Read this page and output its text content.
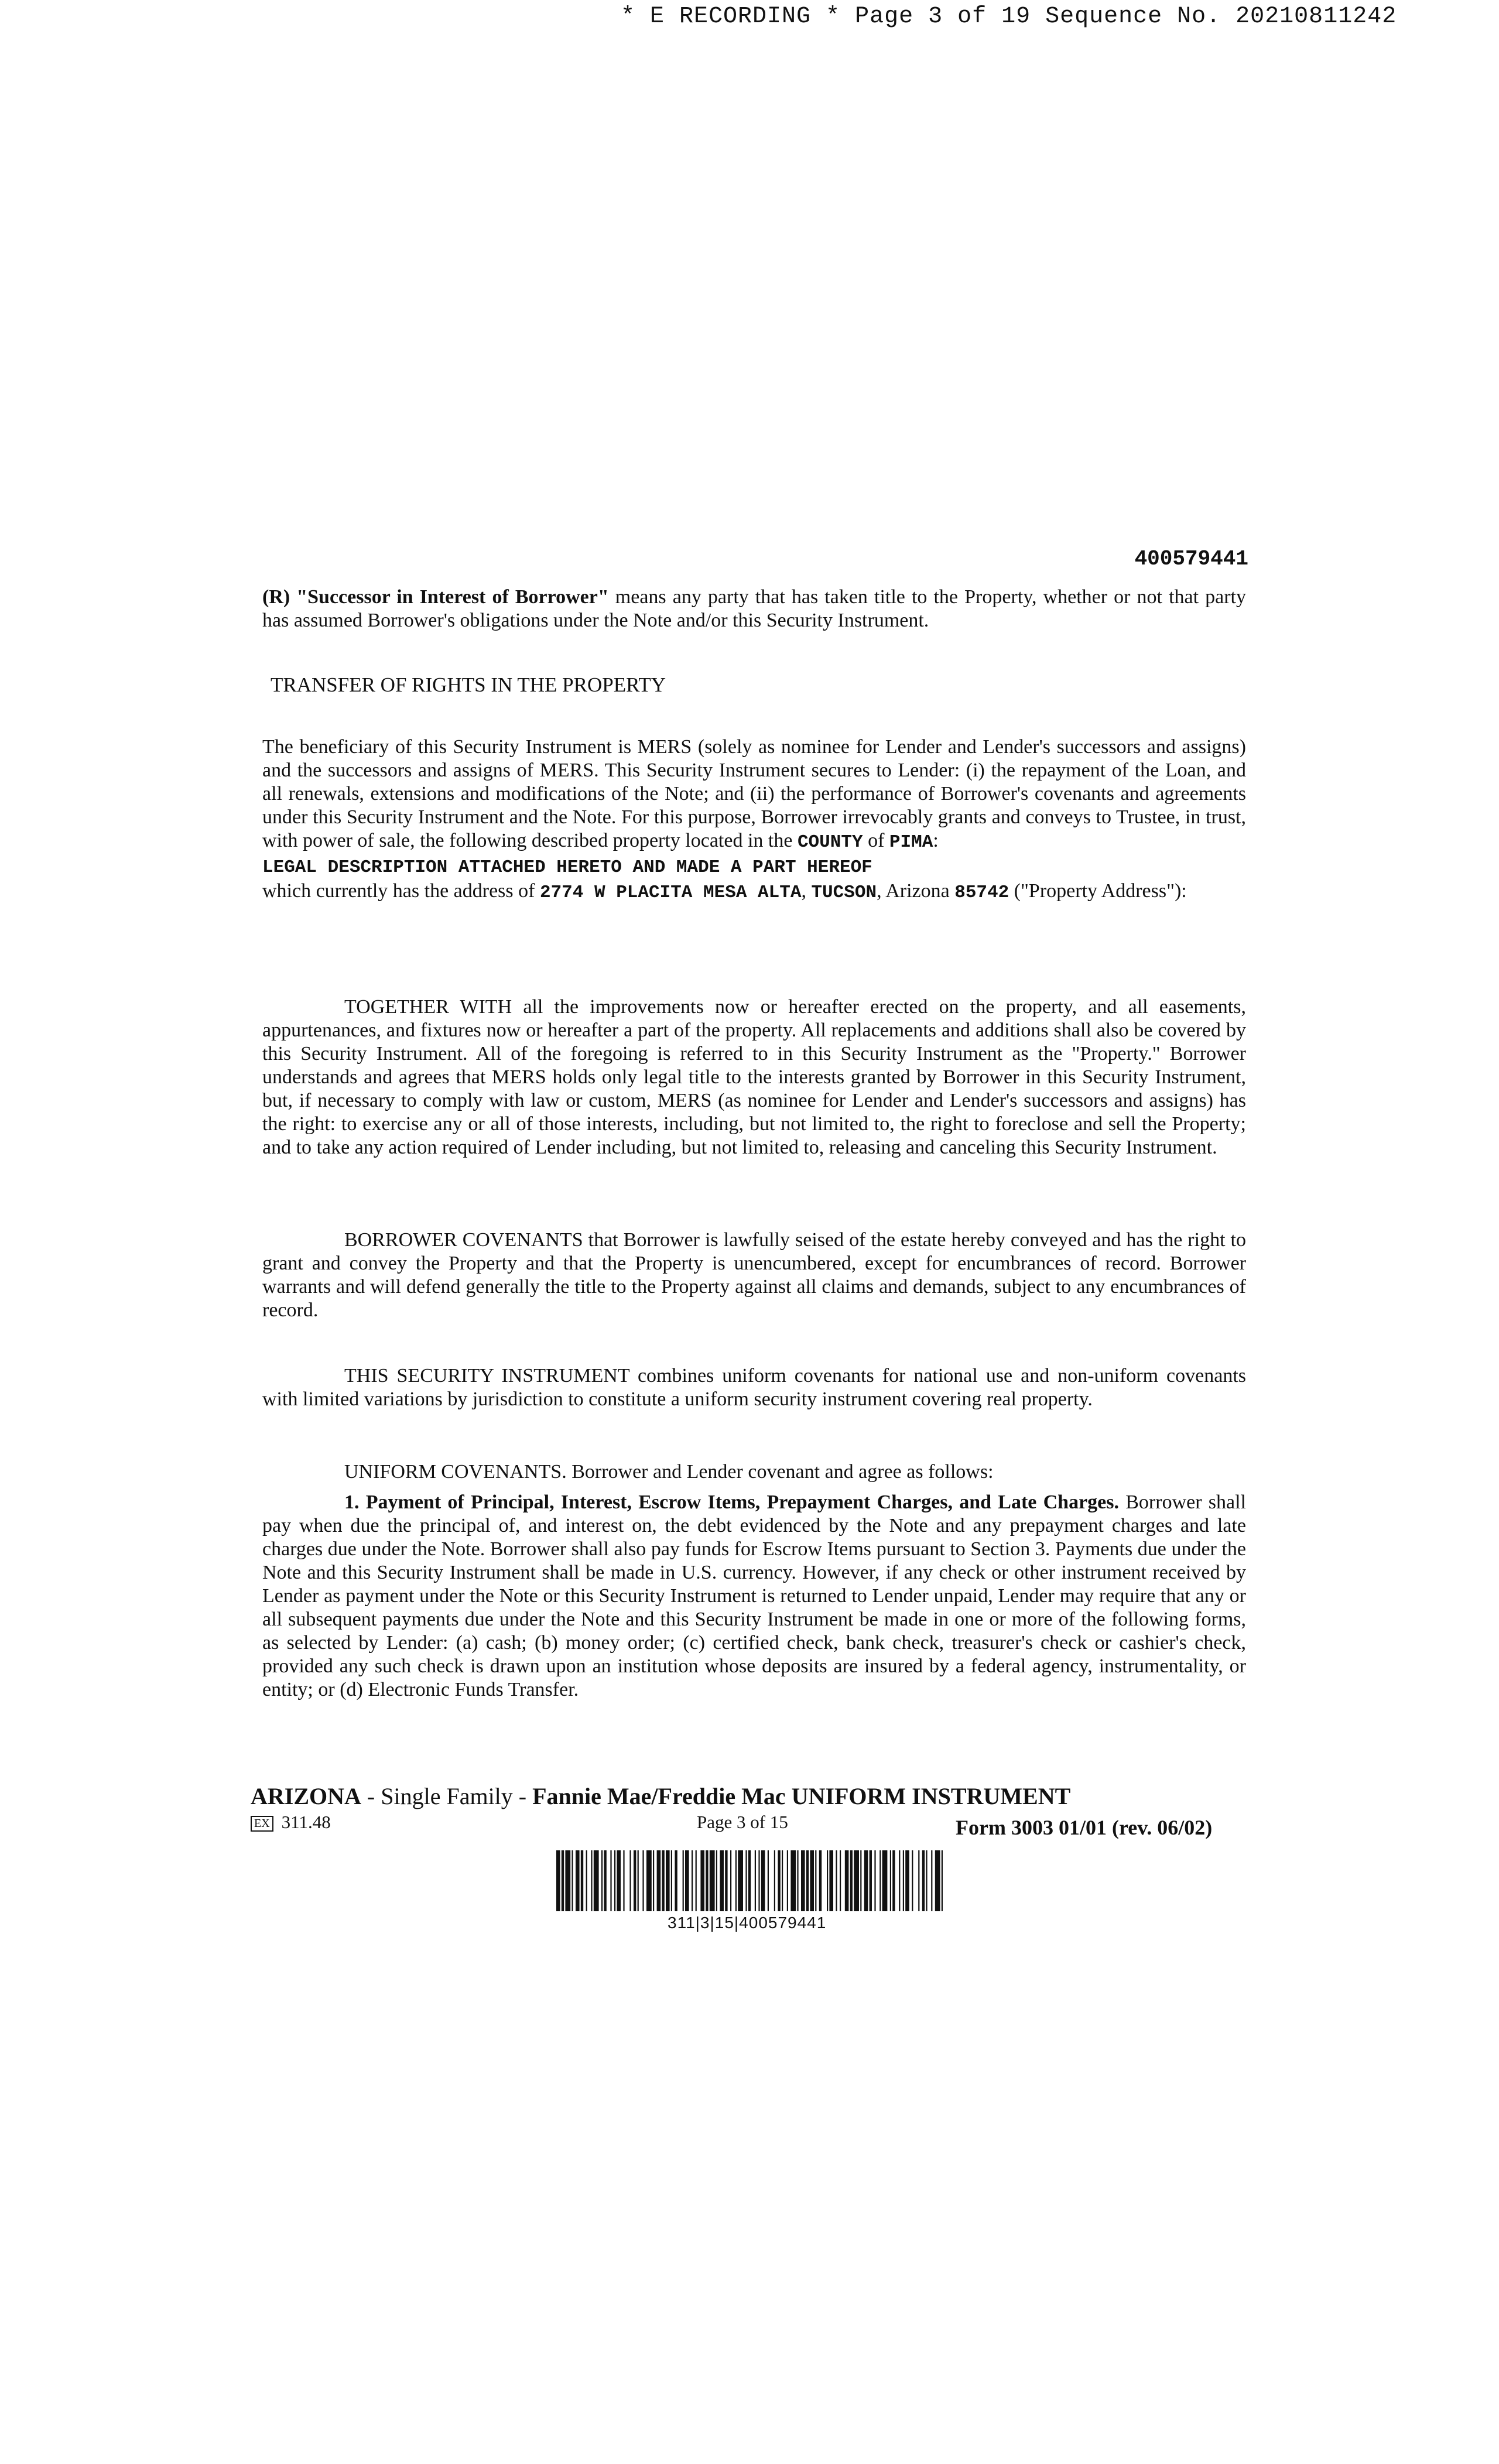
* E RECORDING * Page 3 of 19 Sequence No. 20210811242
400579441
(R) "Successor in Interest of Borrower" means any party that has taken title to the Property, whether or not that party has assumed Borrower's obligations under the Note and/or this Security Instrument.
TRANSFER OF RIGHTS IN THE PROPERTY
The beneficiary of this Security Instrument is MERS (solely as nominee for Lender and Lender's successors and assigns) and the successors and assigns of MERS. This Security Instrument secures to Lender: (i) the repayment of the Loan, and all renewals, extensions and modifications of the Note; and (ii) the performance of Borrower's covenants and agreements under this Security Instrument and the Note. For this purpose, Borrower irrevocably grants and conveys to Trustee, in trust, with power of sale, the following described property located in the COUNTY of PIMA:
LEGAL DESCRIPTION ATTACHED HERETO AND MADE A PART HEREOF
which currently has the address of 2774 W PLACITA MESA ALTA, TUCSON, Arizona 85742 ("Property Address"):
TOGETHER WITH all the improvements now or hereafter erected on the property, and all easements, appurtenances, and fixtures now or hereafter a part of the property. All replacements and additions shall also be covered by this Security Instrument. All of the foregoing is referred to in this Security Instrument as the "Property." Borrower understands and agrees that MERS holds only legal title to the interests granted by Borrower in this Security Instrument, but, if necessary to comply with law or custom, MERS (as nominee for Lender and Lender's successors and assigns) has the right: to exercise any or all of those interests, including, but not limited to, the right to foreclose and sell the Property; and to take any action required of Lender including, but not limited to, releasing and canceling this Security Instrument.
BORROWER COVENANTS that Borrower is lawfully seised of the estate hereby conveyed and has the right to grant and convey the Property and that the Property is unencumbered, except for encumbrances of record. Borrower warrants and will defend generally the title to the Property against all claims and demands, subject to any encumbrances of record.
THIS SECURITY INSTRUMENT combines uniform covenants for national use and non-uniform covenants with limited variations by jurisdiction to constitute a uniform security instrument covering real property.
UNIFORM COVENANTS. Borrower and Lender covenant and agree as follows:
1. Payment of Principal, Interest, Escrow Items, Prepayment Charges, and Late Charges. Borrower shall pay when due the principal of, and interest on, the debt evidenced by the Note and any prepayment charges and late charges due under the Note. Borrower shall also pay funds for Escrow Items pursuant to Section 3. Payments due under the Note and this Security Instrument shall be made in U.S. currency. However, if any check or other instrument received by Lender as payment under the Note or this Security Instrument is returned to Lender unpaid, Lender may require that any or all subsequent payments due under the Note and this Security Instrument be made in one or more of the following forms, as selected by Lender: (a) cash; (b) money order; (c) certified check, bank check, treasurer's check or cashier's check, provided any such check is drawn upon an institution whose deposits are insured by a federal agency, instrumentality, or entity; or (d) Electronic Funds Transfer.
ARIZONA - Single Family - Fannie Mae/Freddie Mac UNIFORM INSTRUMENT
EX 311.48	Page 3 of 15	Form 3003 01/01 (rev. 06/02)
311|3|15|400579441
